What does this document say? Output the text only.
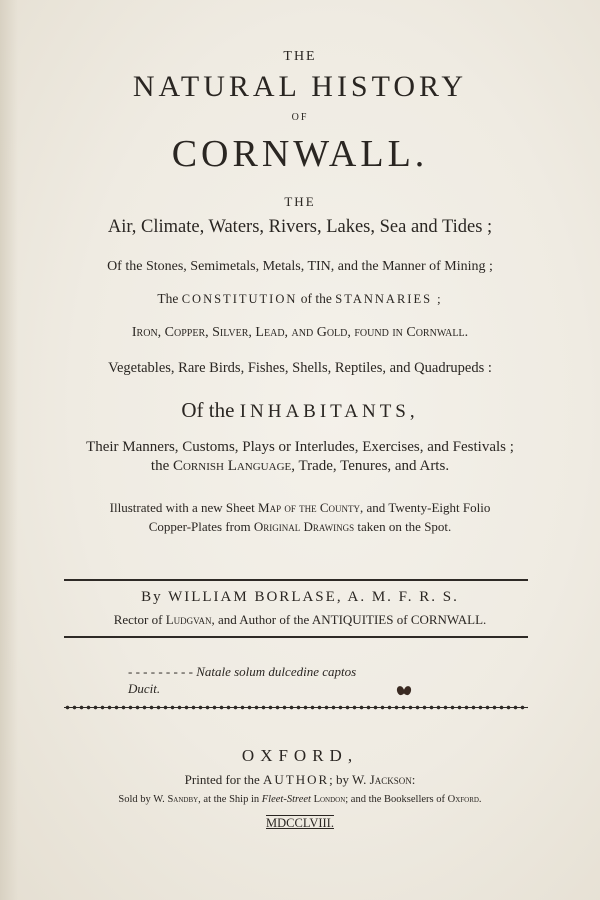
THE
NATURAL HISTORY
OF
CORNWALL.
THE
Air, Climate, Waters, Rivers, Lakes, Sea and Tides ;
Of the Stones, Semimetals, Metals, TIN, and the Manner of Mining ;
The CONSTITUTION of the STANNARIES ;
Iron, Copper, Silver, Lead, and Gold, found in Cornwall.
Vegetables, Rare Birds, Fishes, Shells, Reptiles, and Quadrupeds :
Of the INHABITANTS,
Their Manners, Customs, Plays or Interludes, Exercises, and Festivals ;
the Cornish Language, Trade, Tenures, and Arts.
Illustrated with a new Sheet Map of the County, and Twenty-Eight Folio
Copper-Plates from Original Drawings taken on the Spot.
By WILLIAM BORLASE, A. M. F. R. S.
Rector of Ludgvan, and Author of the ANTIQUITIES of CORNWALL.
- - - - - - - - - Natale solum dulcedine captos
Ducit.
OXFORD,
Printed for the AUTHOR; by W. Jackson:
Sold by W. Sandby, at the Ship in Fleet-Street London; and the Booksellers of Oxford.
MDCCLVIII.
